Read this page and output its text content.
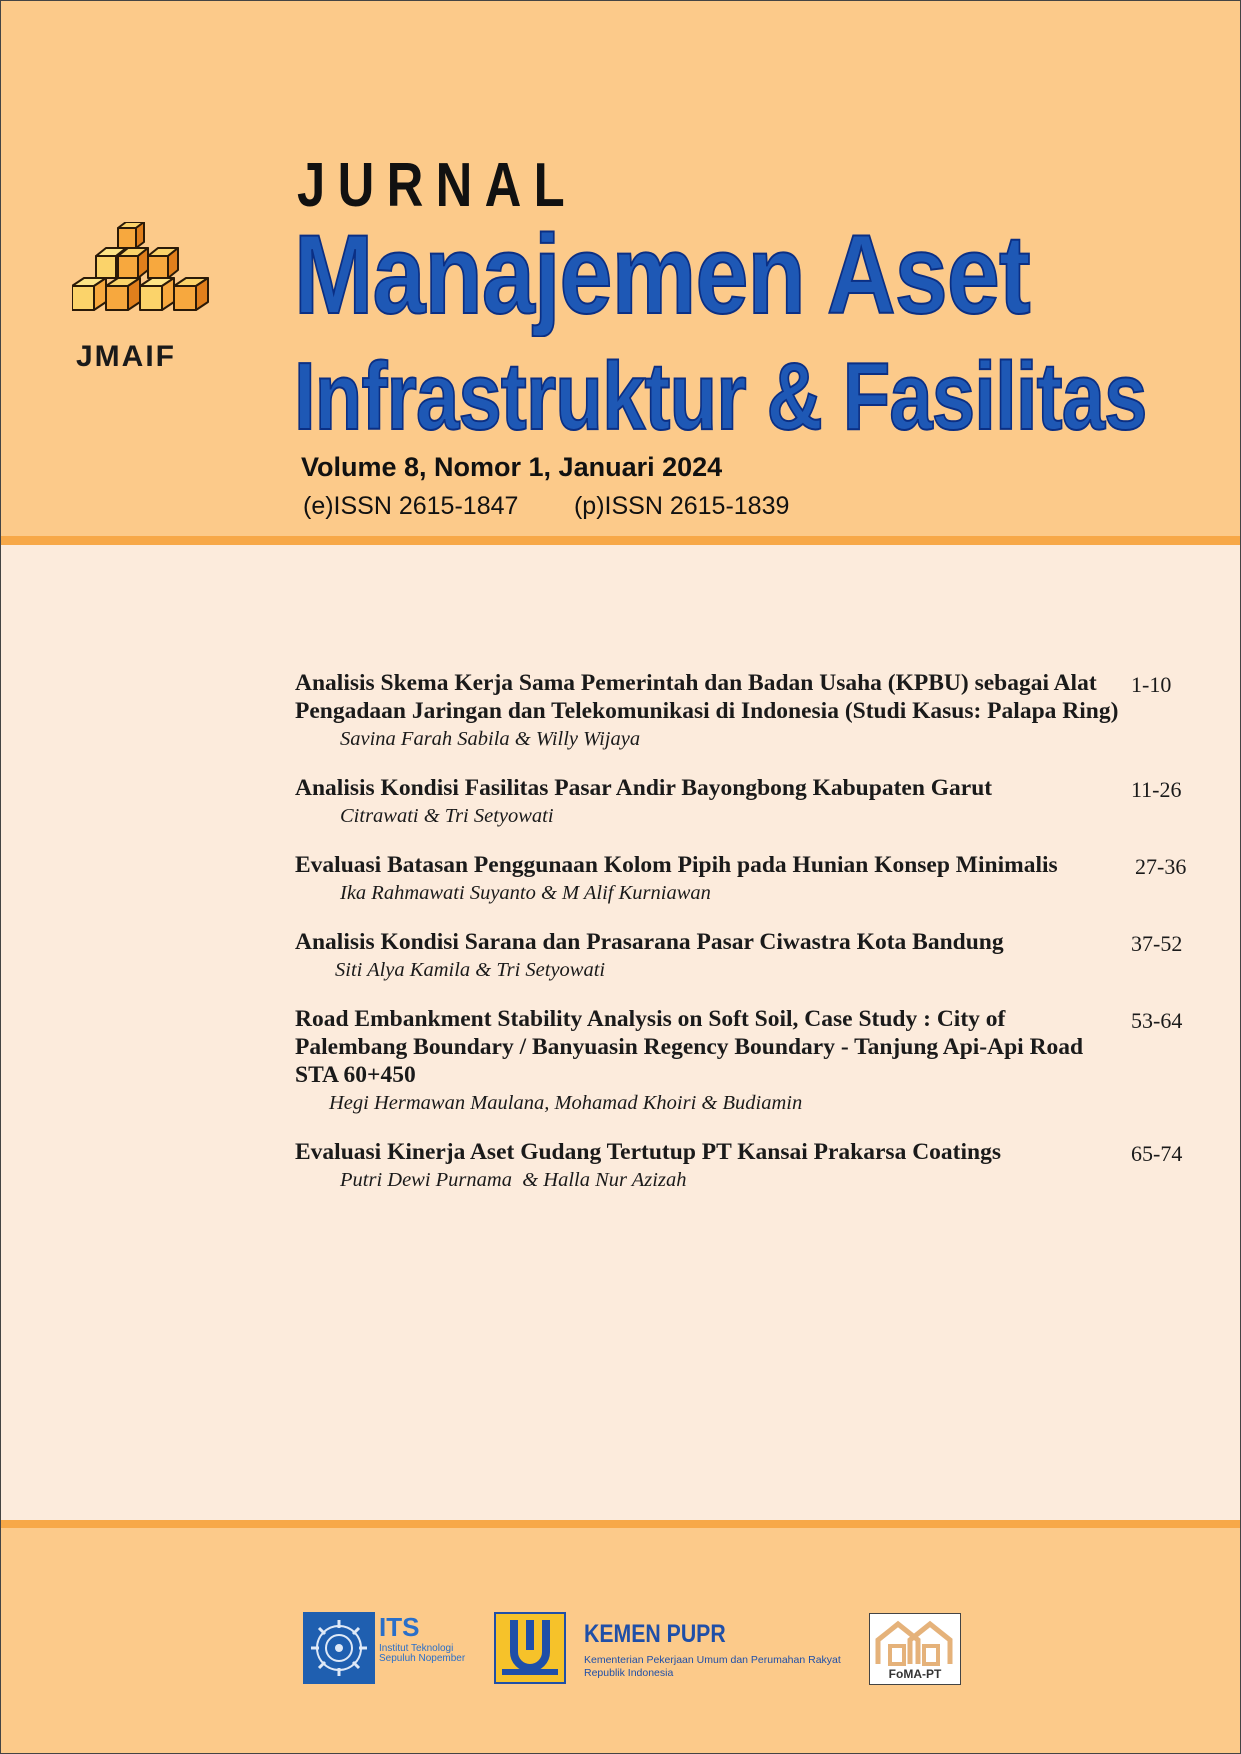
JMAIF
JURNAL
Manajemen Aset
Infrastruktur & Fasilitas
Volume 8, Nomor 1, Januari 2024
(e)ISSN 2615-1847 (p)ISSN 2615-1839
Analisis Skema Kerja Sama Pemerintah dan Badan Usaha (KPBU) sebagai Alat Pengadaan Jaringan dan Telekomunikasi di Indonesia (Studi Kasus: Palapa Ring)
Savina Farah Sabila & Willy Wijaya
1-10
Analisis Kondisi Fasilitas Pasar Andir Bayongbong Kabupaten Garut
Citrawati & Tri Setyowati
11-26
Evaluasi Batasan Penggunaan Kolom Pipih pada Hunian Konsep Minimalis
Ika Rahmawati Suyanto & M Alif Kurniawan
27-36
Analisis Kondisi Sarana dan Prasarana Pasar Ciwastra Kota Bandung
Siti Alya Kamila & Tri Setyowati
37-52
Road Embankment Stability Analysis on Soft Soil, Case Study : City of Palembang Boundary / Banyuasin Regency Boundary - Tanjung Api-Api Road STA 60+450
Hegi Hermawan Maulana, Mohamad Khoiri & Budiamin
53-64
Evaluasi Kinerja Aset Gudang Tertutup PT Kansai Prakarsa Coatings
Putri Dewi Purnama  & Halla Nur Azizah
65-74
ITS
Institut Teknologi Sepuluh Nopember
KEMEN PUPR
Kementerian Pekerjaan Umum dan Perumahan Rakyat Republik Indonesia	FoMA-PT
